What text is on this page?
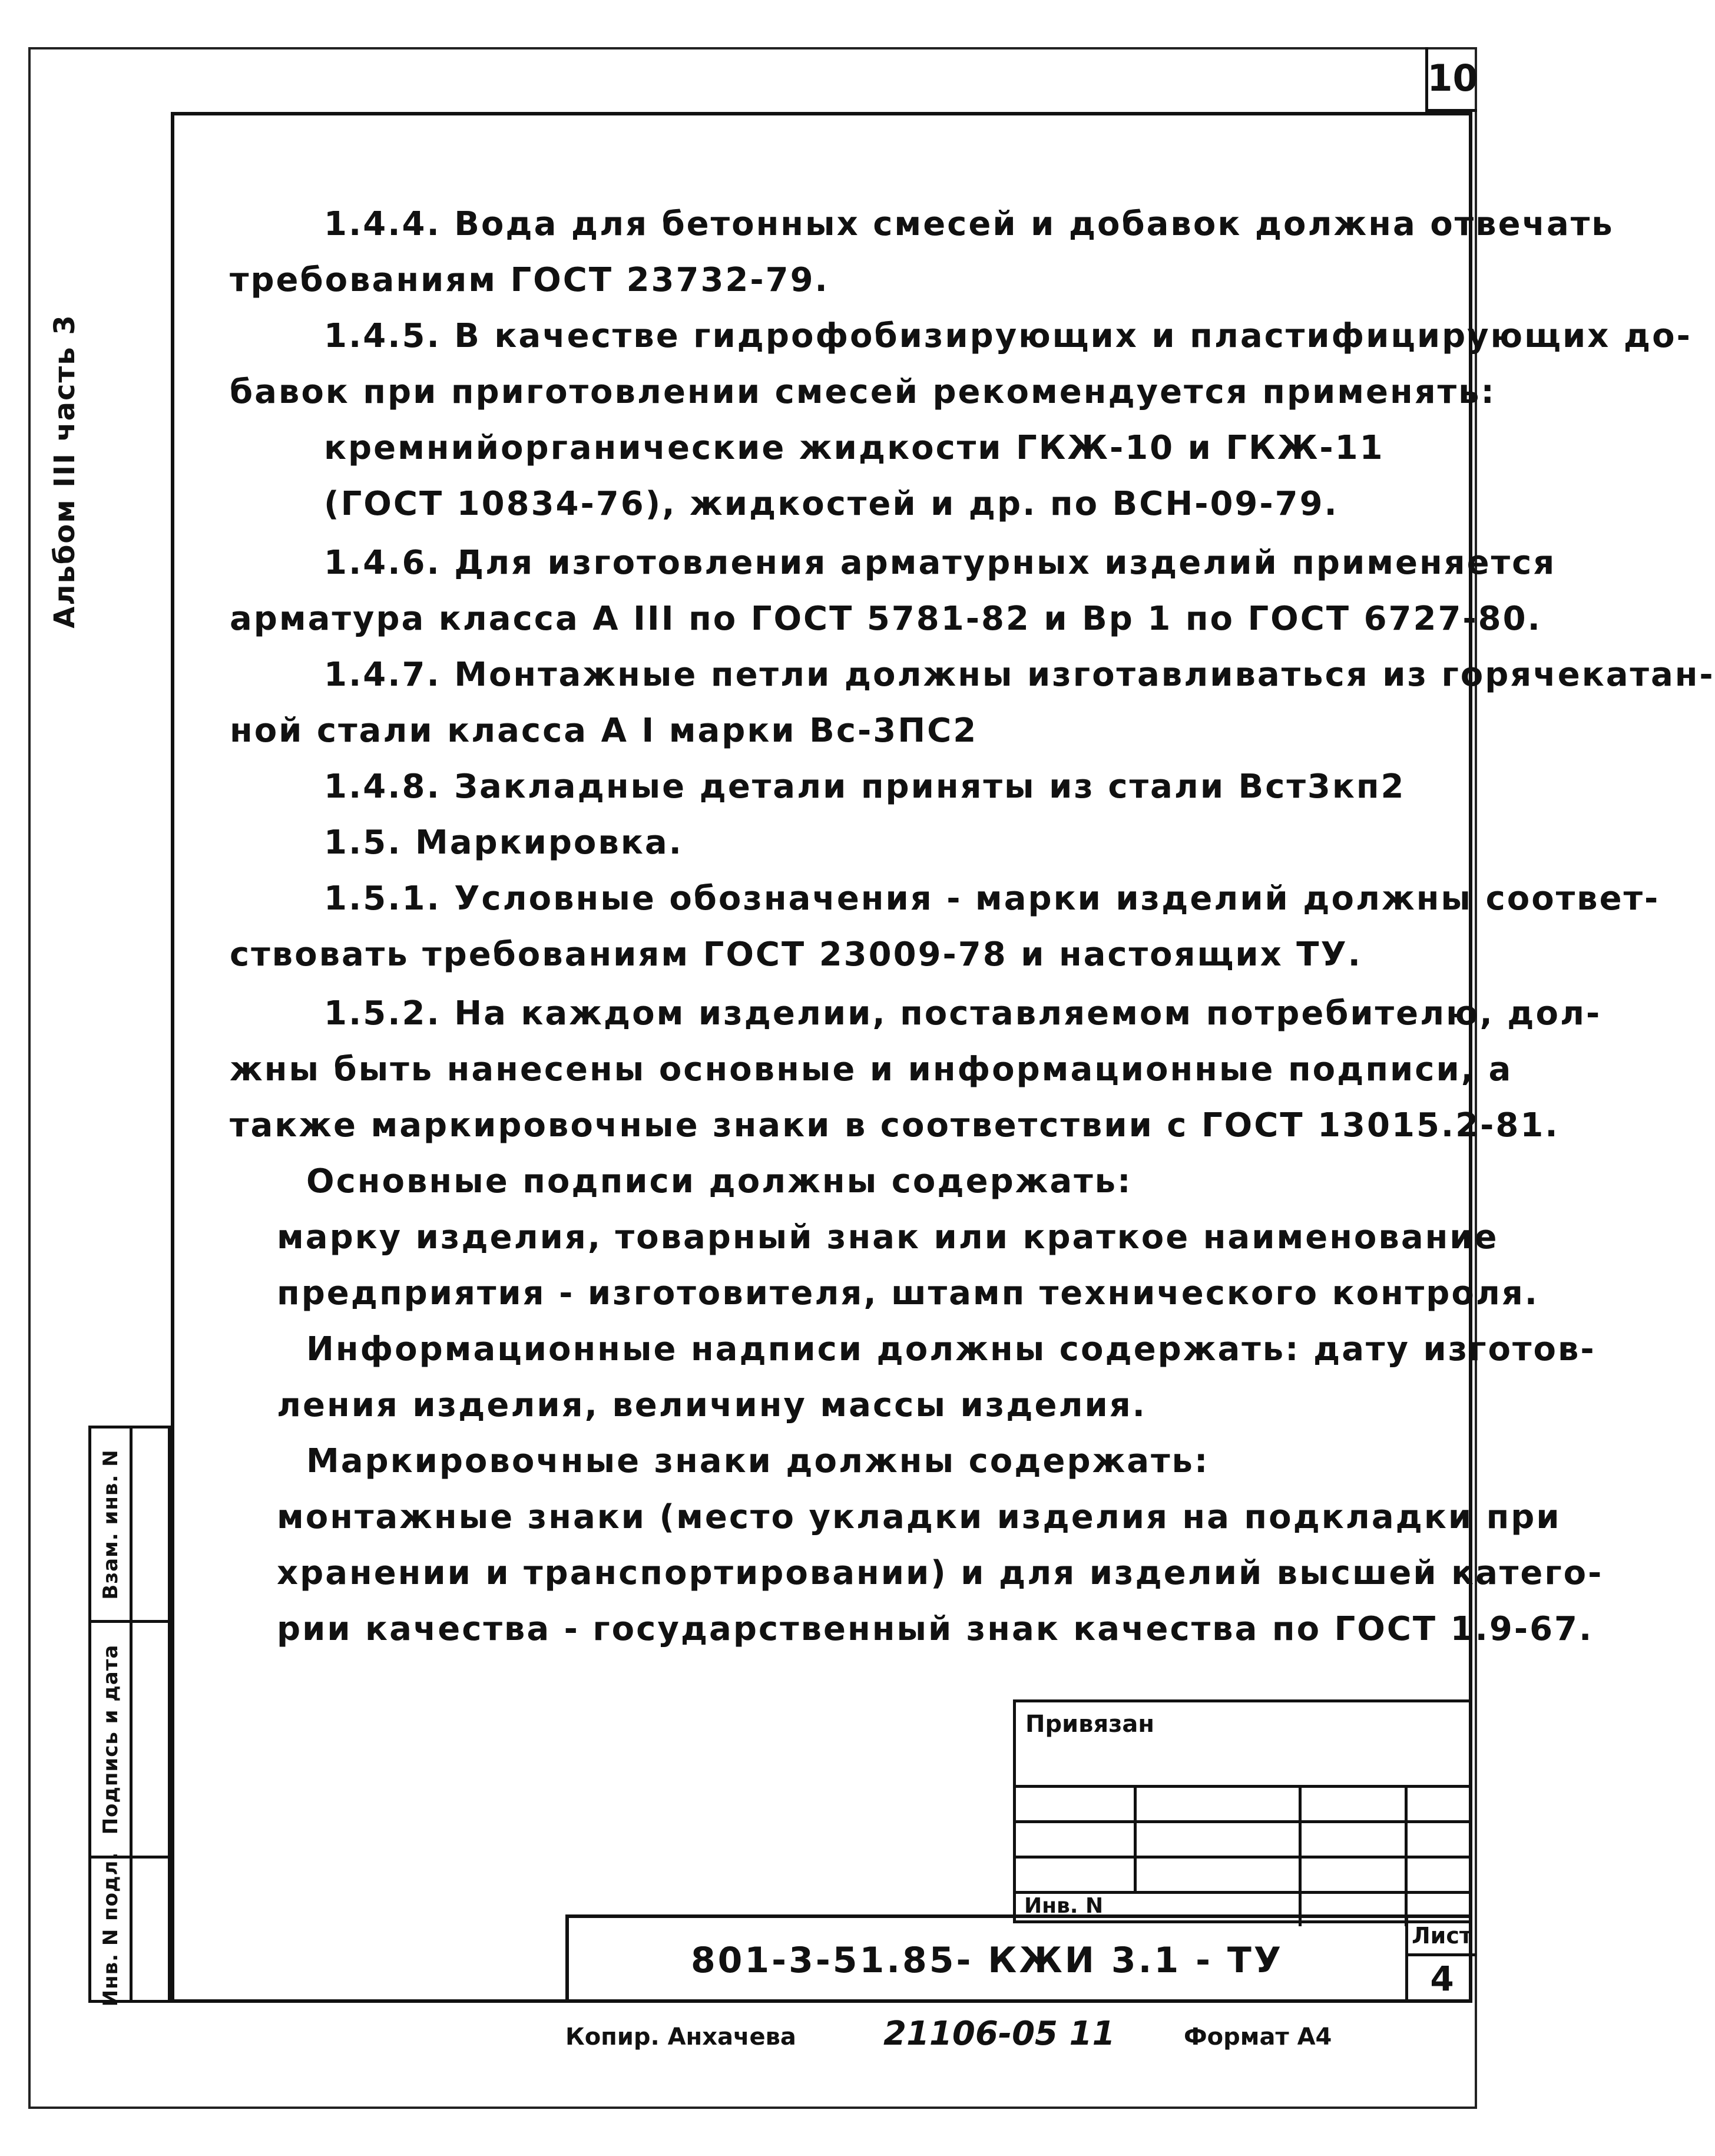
10
Альбом III часть 3
1.4.4. Вода для бетонных смесей и добавок должна отвечать
требованиям ГОСТ 23732-79.
1.4.5. В качестве гидрофобизирующих и пластифицирующих до-
бавок при приготовлении смесей рекомендуется применять:
кремнийорганические жидкости ГКЖ-10 и ГКЖ-11
(ГОСТ 10834-76), жидкостей и др. по ВСН-09-79.
1.4.6. Для изготовления арматурных изделий применяется
арматура класса А III по ГОСТ 5781-82 и Вр 1 по ГОСТ 6727-80.
1.4.7. Монтажные петли должны изготавливаться из горячекатан-
ной стали класса А I марки Вс-3ПС2
1.4.8. Закладные детали приняты из стали Вст3кп2
1.5. Маркировка.
1.5.1. Условные обозначения - марки изделий должны соответ-
ствовать требованиям ГОСТ 23009-78 и настоящих ТУ.
1.5.2. На каждом изделии, поставляемом потребителю, дол-
жны быть нанесены основные и информационные подписи, а
также маркировочные знаки в соответствии с ГОСТ 13015.2-81.
Основные подписи должны содержать:
марку изделия, товарный знак или краткое наименование
предприятия - изготовителя, штамп технического контроля.
Информационные надписи должны содержать: дату изготов-
ления изделия, величину массы изделия.
Маркировочные знаки должны содержать:
монтажные знаки (место укладки изделия на подкладки при
хранении и транспортировании) и для изделий высшей катего-
рии качества - государственный знак качества по ГОСТ 1.9-67.
Взам. инв. N
Подпись и дата
Инв. N подл.
Привязан
Инв. N
801-3-51.85- КЖИ 3.1 - ТУ
Лист
4
Копир. Анхачева	21106-05 11	Формат А4
